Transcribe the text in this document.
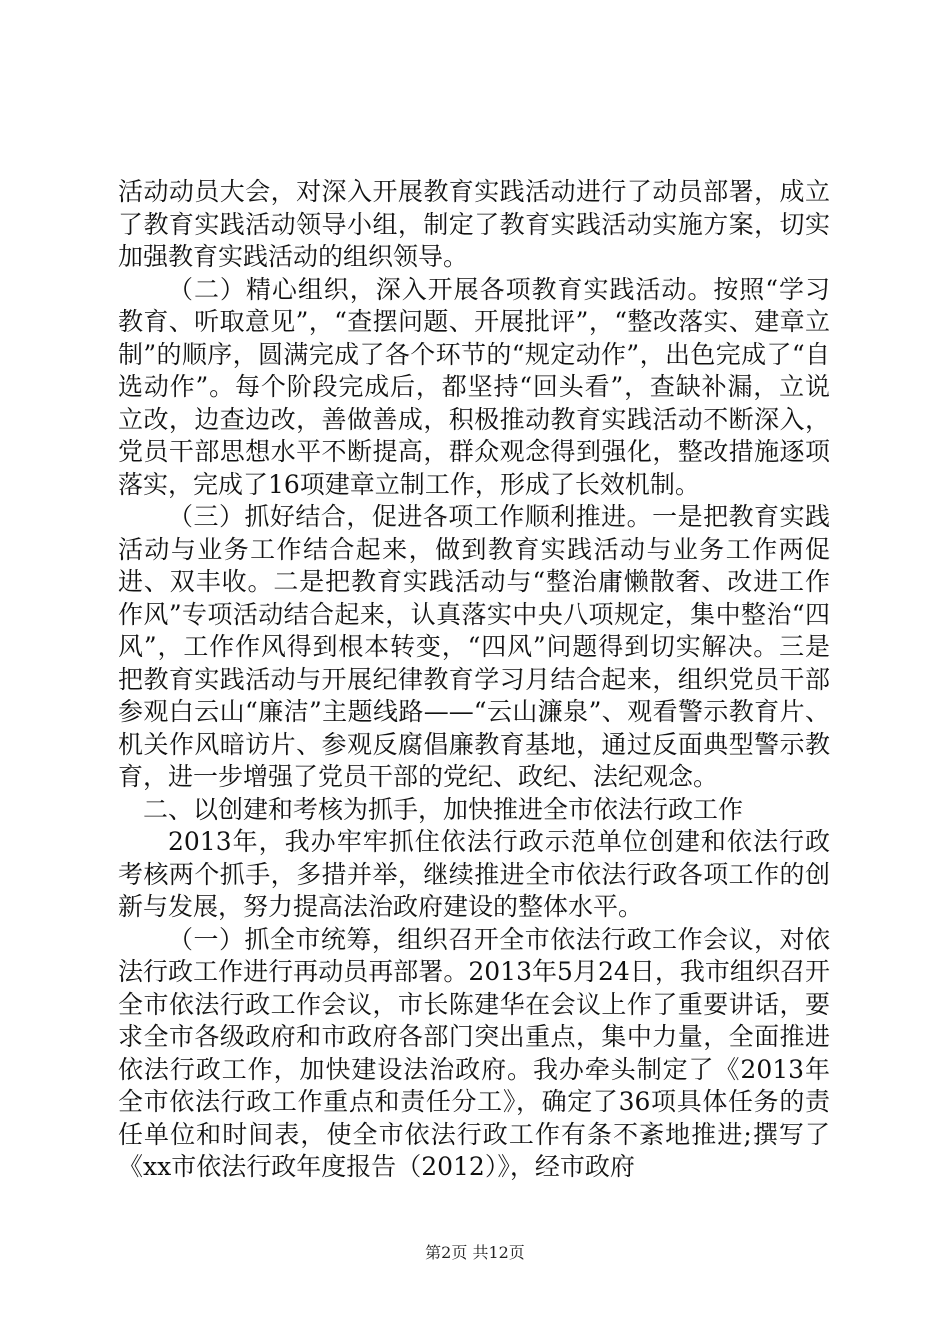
活动动员大会，对深入开展教育实践活动进行了动员部署，成立了教育实践活动领导小组，制定了教育实践活动实施方案，切实加强教育实践活动的组织领导。

（二）精心组织，深入开展各项教育实践活动。按照“学习教育、听取意见”，“查摆问题、开展批评”，“整改落实、建章立制”的顺序，圆满完成了各个环节的“规定动作”，出色完成了“自选动作”。每个阶段完成后，都坚持“回头看”，查缺补漏，立说立改，边查边改，善做善成，积极推动教育实践活动不断深入，党员干部思想水平不断提高，群众观念得到强化，整改措施逐项落实，完成了16项建章立制工作，形成了长效机制。

（三）抓好结合，促进各项工作顺利推进。一是把教育实践活动与业务工作结合起来，做到教育实践活动与业务工作两促进、双丰收。二是把教育实践活动与“整治庸懒散奢、改进工作作风”专项活动结合起来，认真落实中央八项规定，集中整治“四风”，工作作风得到根本转变，“四风”问题得到切实解决。三是把教育实践活动与开展纪律教育学习月结合起来，组织党员干部参观白云山“廉洁”主题线路——“云山濂泉”、观看警示教育片、机关作风暗访片、参观反腐倡廉教育基地，通过反面典型警示教育，进一步增强了党员干部的党纪、政纪、法纪观念。

二、以创建和考核为抓手，加快推进全市依法行政工作

2013年，我办牢牢抓住依法行政示范单位创建和依法行政考核两个抓手，多措并举，继续推进全市依法行政各项工作的创新与发展，努力提高法治政府建设的整体水平。

（一）抓全市统筹，组织召开全市依法行政工作会议，对依法行政工作进行再动员再部署。2013年5月24日，我市组织召开全市依法行政工作会议，市长陈建华在会议上作了重要讲话，要求全市各级政府和市政府各部门突出重点，集中力量，全面推进依法行政工作，加快建设法治政府。我办牵头制定了《2013年全市依法行政工作重点和责任分工》，确定了36项具体任务的责任单位和时间表，使全市依法行政工作有条不紊地推进;撰写了《xx市依法行政年度报告（2012）》，经市政府

第2页 共12页
